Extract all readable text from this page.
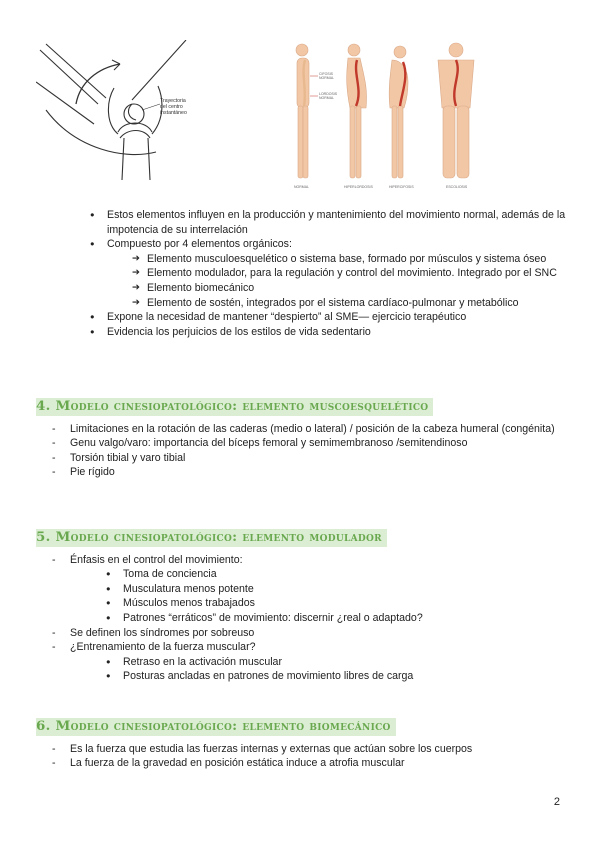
Trayectoria
del centro
instantáneo
CIFOSIS
NORMAL
LORDOSIS
NORMAL
NORMAL	HIPERLORDOSIS	HIPERCIFOSIS	ESCOLIOSIS
● Estos elementos influyen en la producción y mantenimiento del movimiento normal, además de la impotencia de su interrelación
● Compuesto por 4 elementos orgánicos:
➔ Elemento musculoesquelético o sistema base, formado por músculos y sistema óseo
➔ Elemento modulador, para la regulación y control del movimiento. Integrado por el SNC
➔ Elemento biomecánico
➔ Elemento de sostén, integrados por el sistema cardíaco-pulmonar y metabólico
● Expone la necesidad de mantener “despierto” al SME— ejercicio terapéutico
● Evidencia los perjuicios de los estilos de vida sedentario
4. Modelo cinesiopatológico: elemento muscoesquelético
- Limitaciones en la rotación de las caderas (medio o lateral) / posición de la cabeza humeral (congénita)
- Genu valgo/varo: importancia del bíceps femoral y semimembranoso /semitendinoso
- Torsión tibial y varo tibial
- Pie rígido
5. Modelo cinesiopatológico: elemento modulador
- Énfasis en el control del movimiento:
● Toma de conciencia
● Musculatura menos potente
● Músculos menos trabajados
● Patrones “erráticos” de movimiento: discernir ¿real o adaptado?
- Se definen los síndromes por sobreuso
- ¿Entrenamiento de la fuerza muscular?
● Retraso en la activación muscular
● Posturas ancladas en patrones de movimiento libres de carga
6. Modelo cinesiopatológico: elemento biomecánico
- Es la fuerza que estudia las fuerzas internas y externas que actúan sobre los cuerpos
- La fuerza de la gravedad en posición estática induce a atrofia muscular
2
